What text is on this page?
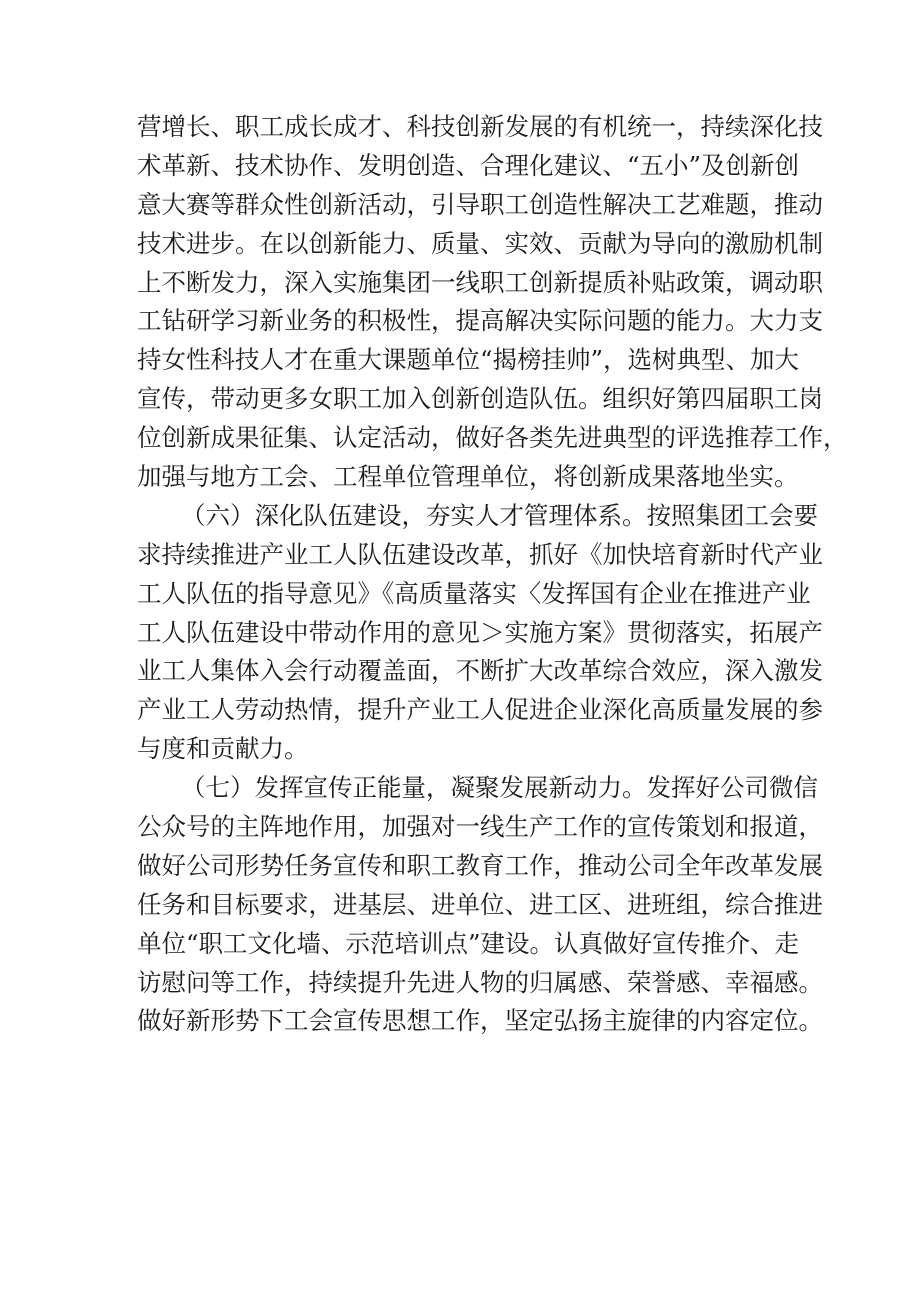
营增长、职工成长成才、科技创新发展的有机统一，持续深化技
术革新、技术协作、发明创造、合理化建议、“五小”及创新创
意大赛等群众性创新活动，引导职工创造性解决工艺难题，推动
技术进步。在以创新能力、质量、实效、贡献为导向的激励机制
上不断发力，深入实施集团一线职工创新提质补贴政策，调动职
工钻研学习新业务的积极性，提高解决实际问题的能力。大力支
持女性科技人才在重大课题单位“揭榜挂帅”，选树典型、加大
宣传，带动更多女职工加入创新创造队伍。组织好第四届职工岗
位创新成果征集、认定活动，做好各类先进典型的评选推荐工作，
加强与地方工会、工程单位管理单位，将创新成果落地坐实。
（六）深化队伍建设，夯实人才管理体系。按照集团工会要
求持续推进产业工人队伍建设改革，抓好《加快培育新时代产业
工人队伍的指导意见》《高质量落实〈发挥国有企业在推进产业
工人队伍建设中带动作用的意见＞实施方案》贯彻落实，拓展产
业工人集体入会行动覆盖面，不断扩大改革综合效应，深入激发
产业工人劳动热情，提升产业工人促进企业深化高质量发展的参
与度和贡献力。
（七）发挥宣传正能量，凝聚发展新动力。发挥好公司微信
公众号的主阵地作用，加强对一线生产工作的宣传策划和报道，
做好公司形势任务宣传和职工教育工作，推动公司全年改革发展
任务和目标要求，进基层、进单位、进工区、进班组，综合推进
单位“职工文化墙、示范培训点”建设。认真做好宣传推介、走
访慰问等工作，持续提升先进人物的归属感、荣誉感、幸福感。
做好新形势下工会宣传思想工作，坚定弘扬主旋律的内容定位。
